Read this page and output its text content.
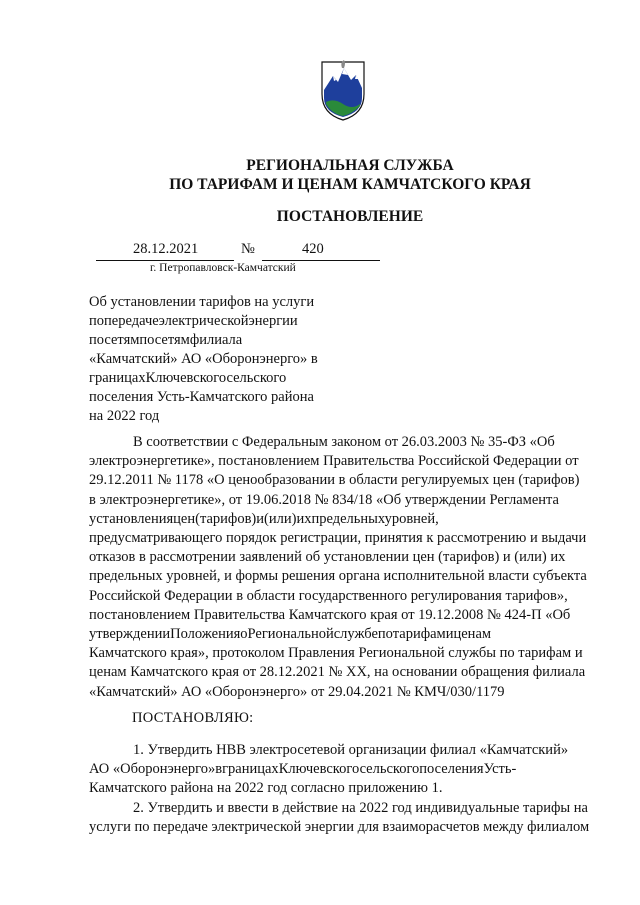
РЕГИОНАЛЬНАЯ СЛУЖБА
ПО ТАРИФАМ И ЦЕНАМ КАМЧАТСКОГО КРАЯ
ПОСТАНОВЛЕНИЕ
28.12.2021	№	420
г. Петропавловск-Камчатский
Об установлении тарифов на услуги
попередачеэлектрическойэнергии
посетямпосетямфилиала
«Камчатский» АО «Оборонэнерго» в
границахКлючевскогосельского
поселения Усть-Камчатского района
на 2022 год
В соответствии с Федеральным законом от 26.03.2003 № 35-ФЗ «Об
электроэнергетике», постановлением Правительства Российской Федерации от
29.12.2011 № 1178 «О ценообразовании в области регулируемых цен (тарифов)
в электроэнергетике», от 19.06.2018 № 834/18 «Об утверждении Регламента
установленияцен(тарифов)и(или)ихпредельныхуровней,
предусматривающего порядок регистрации, принятия к рассмотрению и выдачи
отказов в рассмотрении заявлений об установлении цен (тарифов) и (или) их
предельных уровней, и формы решения органа исполнительной власти субъекта
Российской Федерации в области государственного регулирования тарифов»,
постановлением Правительства Камчатского края от 19.12.2008 № 424-П «Об
утвержденииПоложенияоРегиональнойслужбепотарифамиценам
Камчатского края», протоколом Правления Региональной службы по тарифам и
ценам Камчатского края от 28.12.2021 № ХХ, на основании обращения филиала
«Камчатский» АО «Оборонэнерго» от 29.04.2021 № КМЧ/030/1179
ПОСТАНОВЛЯЮ:
1. Утвердить НВВ электросетевой организации филиал «Камчатский»
АО «Оборонэнерго»вграницахКлючевскогосельскогопоселенияУсть-
Камчатского района на 2022 год согласно приложению 1.
2. Утвердить и ввести в действие на 2022 год индивидуальные тарифы на
услуги по передаче электрической энергии для взаиморасчетов между филиалом
